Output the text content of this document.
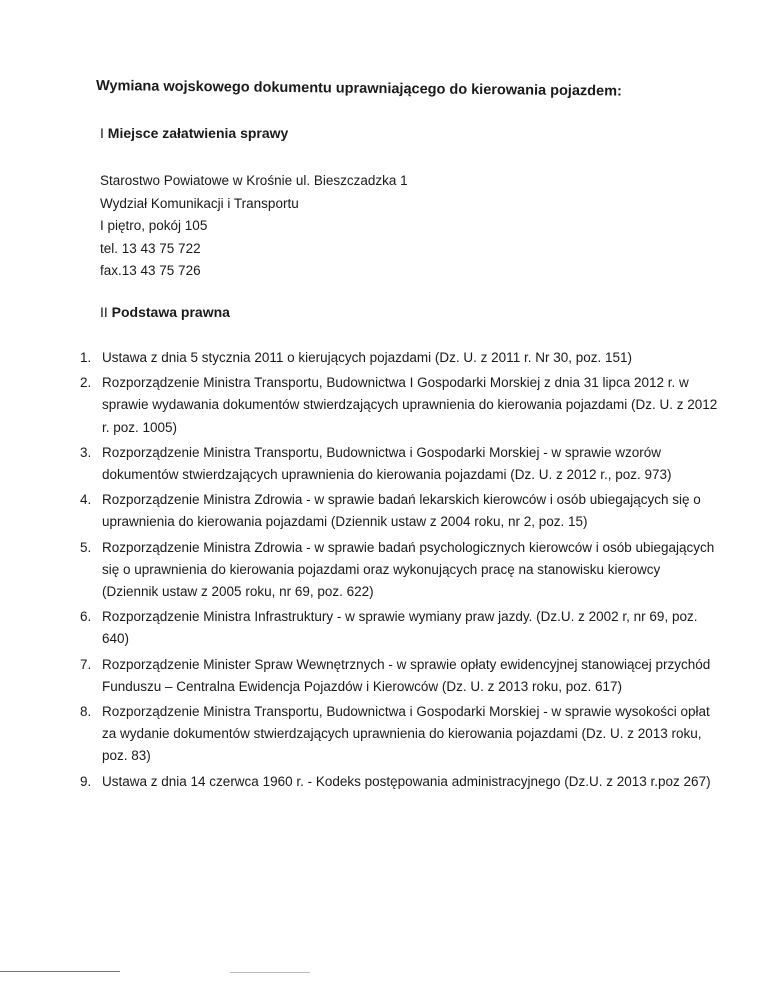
Wymiana wojskowego dokumentu uprawniającego do kierowania pojazdem:
I Miejsce załatwienia sprawy
Starostwo Powiatowe w Krośnie ul. Bieszczadzka 1
Wydział Komunikacji i Transportu
I piętro, pokój 105
tel. 13 43 75 722
fax.13 43 75 726
II Podstawa prawna
1. Ustawa z dnia 5 stycznia 2011 o kierujących pojazdami (Dz. U. z 2011 r. Nr 30, poz. 151)
2. Rozporządzenie Ministra Transportu, Budownictwa I Gospodarki Morskiej z dnia 31 lipca 2012 r. w sprawie wydawania dokumentów stwierdzających uprawnienia do kierowania pojazdami (Dz. U. z 2012 r. poz. 1005)
3. Rozporządzenie Ministra Transportu, Budownictwa i Gospodarki Morskiej - w sprawie wzorów dokumentów stwierdzających uprawnienia do kierowania pojazdami (Dz. U. z 2012 r., poz. 973)
4. Rozporządzenie Ministra Zdrowia - w sprawie badań lekarskich kierowców i osób ubiegających się o uprawnienia do kierowania pojazdami (Dziennik ustaw z 2004 roku, nr 2, poz. 15)
5. Rozporządzenie Ministra Zdrowia - w sprawie badań psychologicznych kierowców i osób ubiegających się o uprawnienia do kierowania pojazdami oraz wykonujących pracę na stanowisku kierowcy (Dziennik ustaw z 2005 roku, nr 69, poz. 622)
6. Rozporządzenie Ministra Infrastruktury - w sprawie wymiany praw jazdy. (Dz.U. z 2002 r, nr 69, poz. 640)
7. Rozporządzenie Minister Spraw Wewnętrznych - w sprawie opłaty ewidencyjnej stanowiącej przychód Funduszu – Centralna Ewidencja Pojazdów i Kierowców (Dz. U. z 2013 roku, poz. 617)
8. Rozporządzenie Ministra Transportu, Budownictwa i Gospodarki Morskiej - w sprawie wysokości opłat za wydanie dokumentów stwierdzających uprawnienia do kierowania pojazdami (Dz. U. z 2013 roku, poz. 83)
9. Ustawa z dnia 14 czerwca 1960 r. - Kodeks postępowania administracyjnego (Dz.U. z 2013 r.poz 267)
